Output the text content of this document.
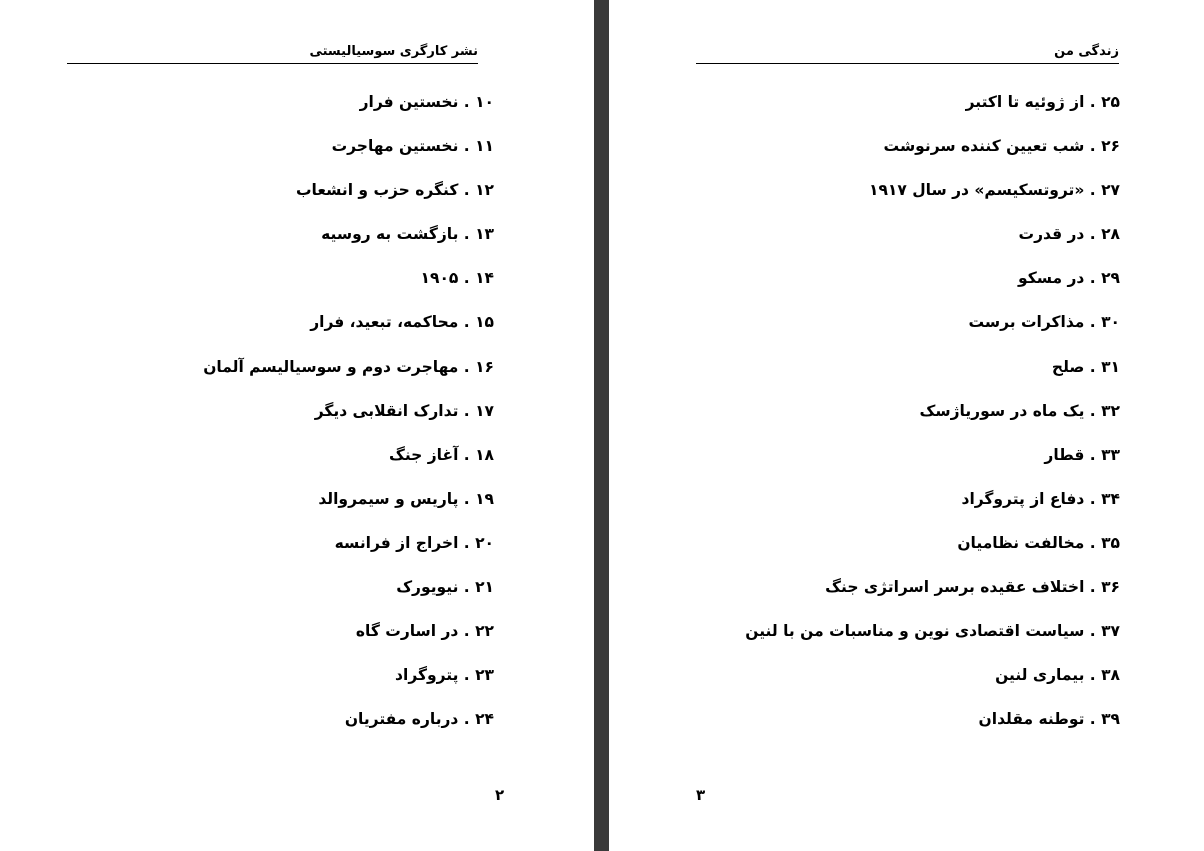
نشر کارگری سوسیالیستی
۱۰ . نخستین فرار
۱۱ . نخستین مهاجرت
۱۲ . کنگره حزب و انشعاب
۱۳ . بازگشت به روسیه
۱۴ . ۱۹۰۵
۱۵ . محاکمه، تبعید، فرار
۱۶ . مهاجرت دوم و سوسیالیسم آلمان
۱۷ . تدارک انقلابی دیگر
۱۸ . آغاز جنگ
۱۹ . پاریس و سیمروالد
۲۰ . اخراج از فرانسه
۲۱ . نیویورک
۲۲ . در اسارت گاه
۲۳ . پتروگراد
۲۴ . درباره مفتریان
۲
زندگی من
۲۵ . از ژوئیه تا اکتبر
۲۶ . شب تعیین کننده سرنوشت
۲۷ . «تروتسکیسم» در سال ۱۹۱۷
۲۸ . در قدرت
۲۹ . در مسکو
۳۰ . مذاکرات برست
۳۱ . صلح
۳۲ . یک ماه در سوریاژسک
۳۳ . قطار
۳۴ . دفاع از پتروگراد
۳۵ . مخالفت نظامیان
۳۶ . اختلاف عقیده برسر اسراتژی جنگ
۳۷ . سیاست اقتصادی نوین و مناسبات من با لنین
۳۸ . بیماری لنین
۳۹ . توطنه مقلدان
۳
